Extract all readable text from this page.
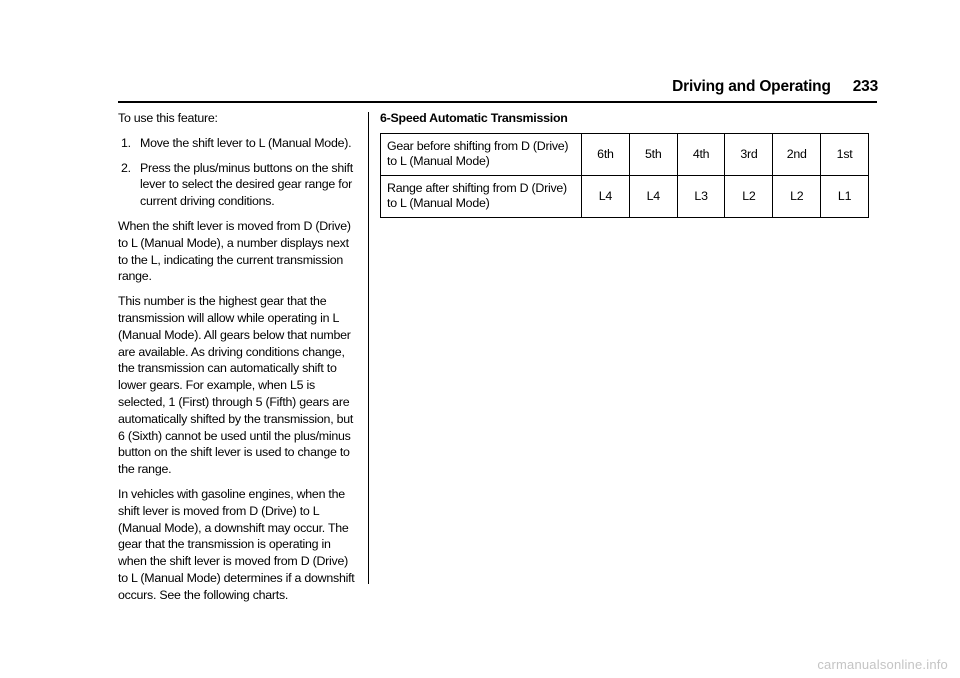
Driving and Operating 233

To use this feature:

1. Move the shift lever to L (Manual Mode).
2. Press the plus/minus buttons on the shift lever to select the desired gear range for current driving conditions.

When the shift lever is moved from D (Drive) to L (Manual Mode), a number displays next to the L, indicating the current transmission range.

This number is the highest gear that the transmission will allow while operating in L (Manual Mode). All gears below that number are available. As driving conditions change, the transmission can automatically shift to lower gears. For example, when L5 is selected, 1 (First) through 5 (Fifth) gears are automatically shifted by the transmission, but 6 (Sixth) cannot be used until the plus/minus button on the shift lever is used to change to the range.

In vehicles with gasoline engines, when the shift lever is moved from D (Drive) to L (Manual Mode), a downshift may occur. The gear that the transmission is operating in when the shift lever is moved from D (Drive) to L (Manual Mode) determines if a downshift occurs. See the following charts.

6-Speed Automatic Transmission
Gear before shifting from D (Drive) to L (Manual Mode)	6th	5th	4th	3rd	2nd	1st
Range after shifting from D (Drive) to L (Manual Mode)	L4	L4	L3	L2	L2	L1
carmanualsonline.info
